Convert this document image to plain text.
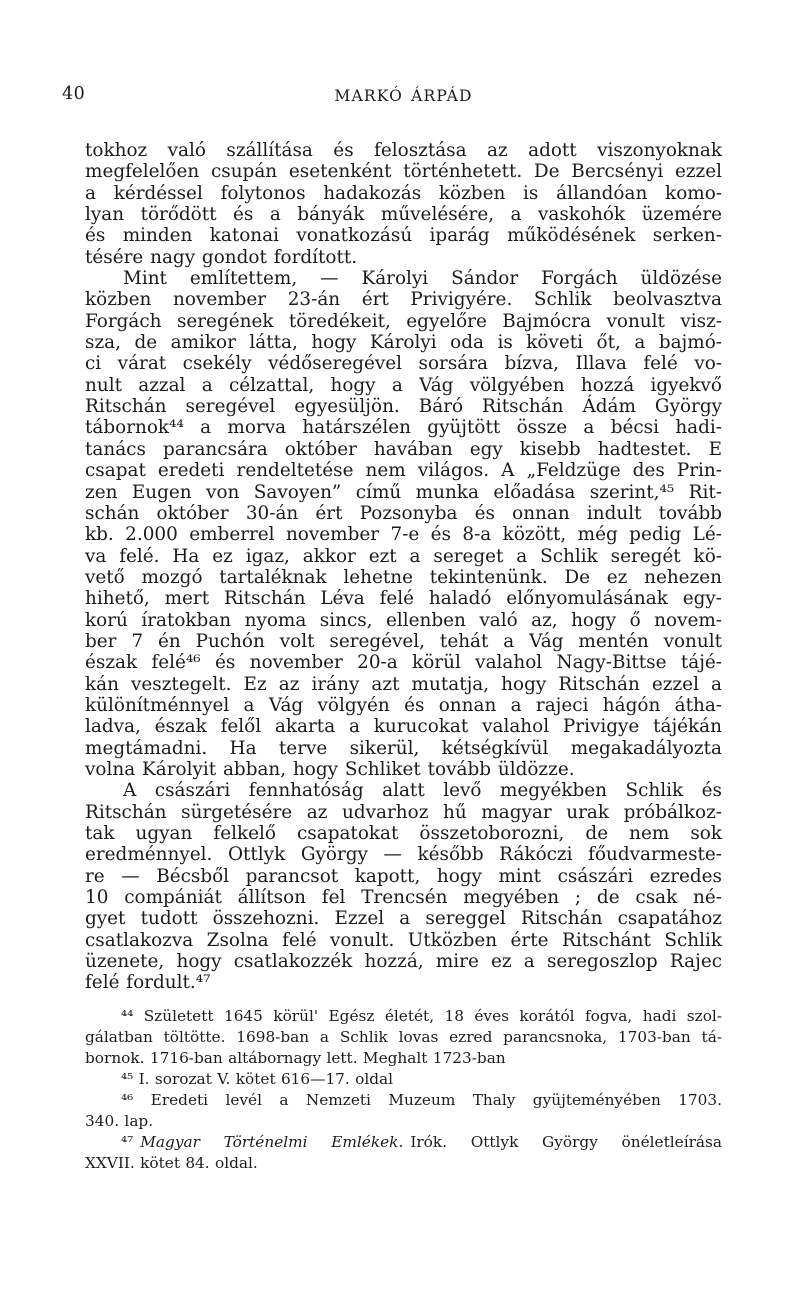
40	MARKÓ ÁRPÁD
tokhoz való szállítása és felosztása az adott viszonyoknak
megfelelően csupán esetenként történhetett. De Bercsényi ezzel
a kérdéssel folytonos hadakozás közben is állandóan komo-
lyan törődött és a bányák művelésére, a vaskohók üzemére
és minden katonai vonatkozású iparág működésének serken-
tésére nagy gondot fordított.
Mint említettem, — Károlyi Sándor Forgách üldözése
közben november 23-án ért Privigyére. Schlik beolvasztva
Forgách seregének töredékeit, egyelőre Bajmócra vonult visz-
sza, de amikor látta, hogy Károlyi oda is követi őt, a bajmó-
ci várat csekély védőseregével sorsára bízva, Illava felé vo-
nult azzal a célzattal, hogy a Vág völgyében hozzá igyekvő
Ritschán seregével egyesüljön. Báró Ritschán Ádám György
tábornok⁴⁴ a morva határszélen gyüjtött össze a bécsi hadi-
tanács parancsára október havában egy kisebb hadtestet. E
csapat eredeti rendeltetése nem világos. A „Feldzüge des Prin-
zen Eugen von Savoyen” című munka előadása szerint,⁴⁵ Rit-
schán október 30-án ért Pozsonyba és onnan indult tovább
kb. 2.000 emberrel november 7-e és 8-a között, még pedig Lé-
va felé. Ha ez igaz, akkor ezt a sereget a Schlik seregét kö-
vető mozgó tartaléknak lehetne tekintenünk. De ez nehezen
hihető, mert Ritschán Léva felé haladó előnyomulásának egy-
korú íratokban nyoma sincs, ellenben való az, hogy ő novem-
ber 7 én Puchón volt seregével, tehát a Vág mentén vonult
észak felé⁴⁶ és november 20-a körül valahol Nagy-Bittse tájé-
kán vesztegelt. Ez az irány azt mutatja, hogy Ritschán ezzel a
különítménnyel a Vág völgyén és onnan a rajeci hágón átha-
ladva, észak felől akarta a kurucokat valahol Privigye tájékán
megtámadni. Ha terve sikerül, kétségkívül megakadályozta
volna Károlyit abban, hogy Schliket tovább üldözze.
A császári fennhatóság alatt levő megyékben Schlik és
Ritschán sürgetésére az udvarhoz hű magyar urak próbálkoz-
tak ugyan felkelő csapatokat összetoborozni, de nem sok
eredménnyel. Ottlyk György — később Rákóczi főudvarmeste-
re — Bécsből parancsot kapott, hogy mint császári ezredes
10 compániát állítson fel Trencsén megyében ; de csak né-
gyet tudott összehozni. Ezzel a sereggel Ritschán csapatához
csatlakozva Zsolna felé vonult. Utközben érte Ritschánt Schlik
üzenete, hogy csatlakozzék hozzá, mire ez a seregoszlop Rajec
felé fordult.⁴⁷
⁴⁴ Született 1645 körül' Egész életét, 18 éves korától fogva, hadi szol-
gálatban töltötte. 1698-ban a Schlik lovas ezred parancsnoka, 1703-ban tá-
bornok. 1716-ban altábornagy lett. Meghalt 1723-ban
⁴⁵ I. sorozat V. kötet 616—17. oldal
⁴⁶ Eredeti levél a Nemzeti Muzeum Thaly gyüjteményében 1703.
340. lap.
⁴⁷ Magyar Történelmi Emlékek. Irók. Ottlyk György önéletleírása
XXVII. kötet 84. oldal.
